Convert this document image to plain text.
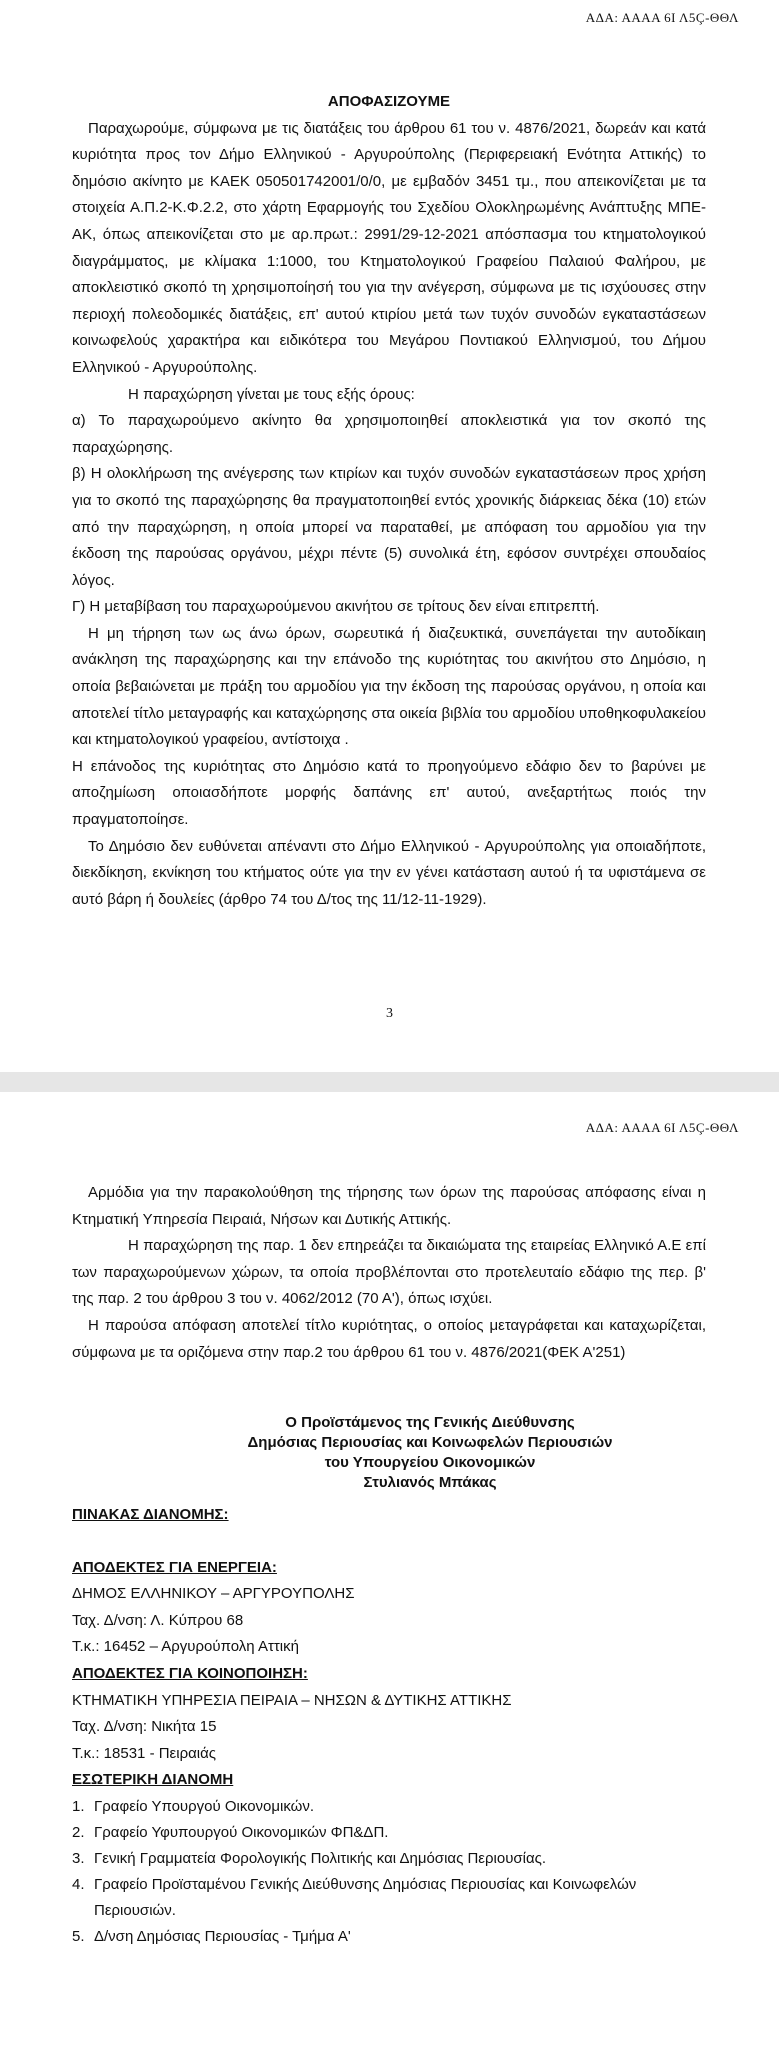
ΑΔΑ: ΑΑΑΑ 6Ι Λ5Ç-ΘΘΛ

ΑΠΟΦΑΣΙΖΟΥΜΕ

Παραχωρούμε, σύμφωνα με τις διατάξεις του άρθρου 61 του ν. 4876/2021, δωρεάν και κατά κυριότητα προς τον Δήμο Ελληνικού - Αργυρούπολης (Περιφερειακή Ενότητα Αττικής) το δημόσιο ακίνητο με ΚΑΕΚ 050501742001/0/0, με εμβαδόν 3451 τμ., που απεικονίζεται με τα στοιχεία Α.Π.2-Κ.Φ.2.2, στο χάρτη Εφαρμογής του Σχεδίου Ολοκληρωμένης Ανάπτυξης ΜΠΕ-ΑΚ, όπως απεικονίζεται στο με αρ.πρωτ.: 2991/29-12-2021 απόσπασμα του κτηματολογικού διαγράμματος, με κλίμακα 1:1000, του Κτηματολογικού Γραφείου Παλαιού Φαλήρου, με αποκλειστικό σκοπό τη χρησιμοποίησή του για την ανέγερση, σύμφωνα με τις ισχύουσες στην περιοχή πολεοδομικές διατάξεις, επ' αυτού κτιρίου μετά των τυχόν συνοδών εγκαταστάσεων κοινωφελούς χαρακτήρα και ειδικότερα του Μεγάρου Ποντιακού Ελληνισμού, του Δήμου Ελληνικού - Αργυρούπολης.

Η παραχώρηση γίνεται με τους εξής όρους:

α) Το παραχωρούμενο ακίνητο θα χρησιμοποιηθεί αποκλειστικά για τον σκοπό της παραχώρησης.

β) Η ολοκλήρωση της ανέγερσης των κτιρίων και τυχόν συνοδών εγκαταστάσεων προς χρήση για το σκοπό της παραχώρησης θα πραγματοποιηθεί εντός χρονικής διάρκειας δέκα (10) ετών από την παραχώρηση, η οποία μπορεί να παραταθεί, με απόφαση του αρμοδίου για την έκδοση της παρούσας οργάνου, μέχρι πέντε (5) συνολικά έτη, εφόσον συντρέχει σπουδαίος λόγος.

Γ) Η μεταβίβαση του παραχωρούμενου ακινήτου σε τρίτους δεν είναι επιτρεπτή.

Η μη τήρηση των ως άνω όρων, σωρευτικά ή διαζευκτικά, συνεπάγεται την αυτοδίκαιη ανάκληση της παραχώρησης και την επάνοδο της κυριότητας του ακινήτου στο Δημόσιο, η οποία βεβαιώνεται με πράξη του αρμοδίου για την έκδοση της παρούσας οργάνου, η οποία και αποτελεί τίτλο μεταγραφής και καταχώρησης στα οικεία βιβλία του αρμοδίου υποθηκοφυλακείου και κτηματολογικού γραφείου, αντίστοιχα .

Η επάνοδος της κυριότητας στο Δημόσιο κατά το προηγούμενο εδάφιο δεν το βαρύνει με αποζημίωση οποιασδήποτε μορφής δαπάνης επ' αυτού, ανεξαρτήτως ποιός την πραγματοποίησε.

Το Δημόσιο δεν ευθύνεται απέναντι στο Δήμο Ελληνικού - Αργυρούπολης για οποιαδήποτε, διεκδίκηση, εκνίκηση του κτήματος ούτε για την εν γένει κατάσταση αυτού ή τα υφιστάμενα σε αυτό βάρη ή δουλείες (άρθρο 74 του Δ/τος της 11/12-11-1929).

3
ΑΔΑ: ΑΑΑΑ 6Ι Λ5Ç-ΘΘΛ

Αρμόδια για την παρακολούθηση της τήρησης των όρων της παρούσας απόφασης είναι η Κτηματική Υπηρεσία Πειραιά, Νήσων και Δυτικής Αττικής.

Η παραχώρηση της παρ. 1 δεν επηρεάζει τα δικαιώματα της εταιρείας Ελληνικό Α.Ε επί των παραχωρούμενων χώρων, τα οποία προβλέπονται στο προτελευταίο εδάφιο της περ. β' της παρ. 2 του άρθρου 3 του ν. 4062/2012 (70 Α'), όπως ισχύει.

Η παρούσα απόφαση αποτελεί τίτλο κυριότητας, ο οποίος μεταγράφεται και καταχωρίζεται, σύμφωνα με τα οριζόμενα στην παρ.2 του άρθρου 61 του ν. 4876/2021(ΦΕΚ Α'251)

Ο Προϊστάμενος της Γενικής Διεύθυνσης
Δημόσιας Περιουσίας και Κοινωφελών Περιουσιών
του Υπουργείου Οικονομικών
Στυλιανός Μπάκας
ΠΙΝΑΚΑΣ ΔΙΑΝΟΜΗΣ:
ΑΠΟΔΕΚΤΕΣ ΓΙΑ ΕΝΕΡΓΕΙΑ:
ΔΗΜΟΣ ΕΛΛΗΝΙΚΟΥ – ΑΡΓΥΡΟΥΠΟΛΗΣ
Ταχ. Δ/νση: Λ. Κύπρου 68
Τ.κ.: 16452 – Αργυρούπολη Αττική
ΑΠΟΔΕΚΤΕΣ ΓΙΑ ΚΟΙΝΟΠΟΙΗΣΗ:
ΚΤΗΜΑΤΙΚΗ ΥΠΗΡΕΣΙΑ ΠΕΙΡΑΙΑ – ΝΗΣΩΝ & ΔΥΤΙΚΗΣ ΑΤΤΙΚΗΣ
Ταχ. Δ/νση: Νικήτα 15
Τ.κ.: 18531 - Πειραιάς
ΕΣΩΤΕΡΙΚΗ ΔΙΑΝΟΜΗ
1. Γραφείο Υπουργού Οικονομικών.
2. Γραφείο Υφυπουργού Οικονομικών ΦΠ&ΔΠ.
3. Γενική Γραμματεία Φορολογικής Πολιτικής και Δημόσιας Περιουσίας.
4. Γραφείο Προϊσταμένου Γενικής Διεύθυνσης Δημόσιας Περιουσίας και Κοινωφελών Περιουσιών.
5. Δ/νση Δημόσιας Περιουσίας - Τμήμα Α'
